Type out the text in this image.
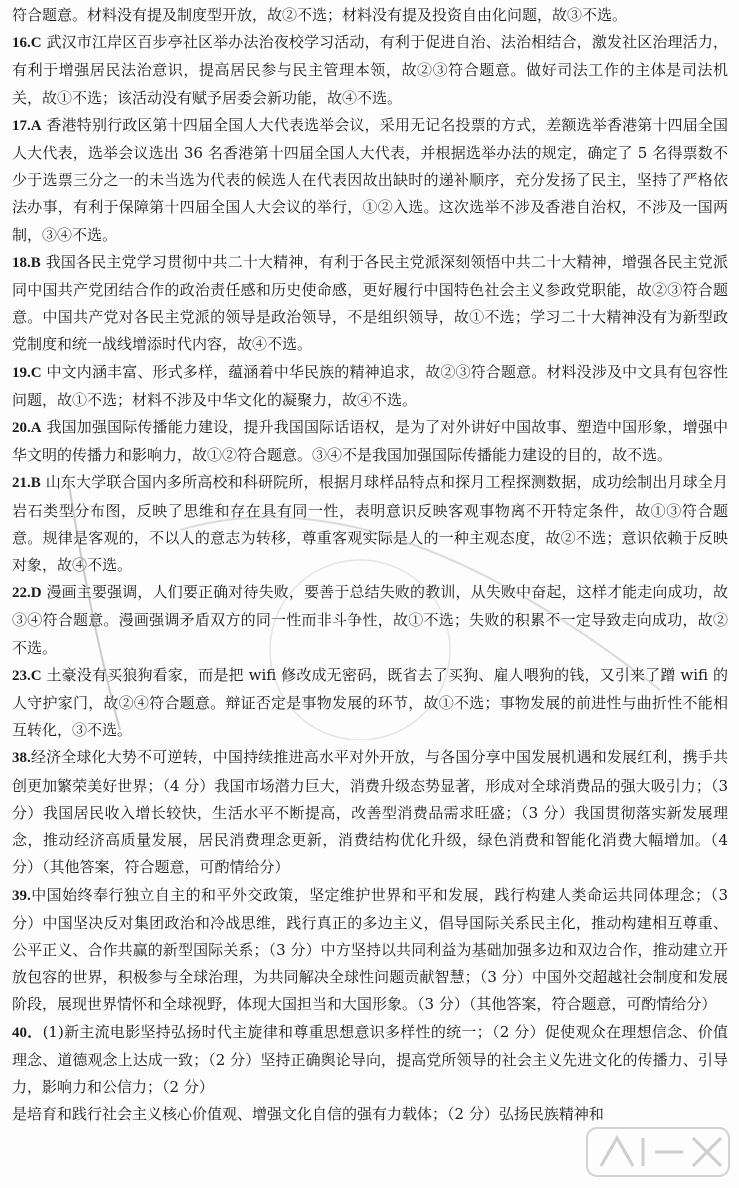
符合题意。材料没有提及制度型开放，故②不选；材料没有提及投资自由化问题，故③不选。

16.C 武汉市江岸区百步亭社区举办法治夜校学习活动，有利于促进自治、法治相结合，激发社区治理活力，有利于增强居民法治意识，提高居民参与民主管理本领，故②③符合题意。做好司法工作的主体是司法机关，故①不选；该活动没有赋予居委会新功能，故④不选。

17.A 香港特别行政区第十四届全国人大代表选举会议，采用无记名投票的方式，差额选举香港第十四届全国人大代表，选举会议选出 36 名香港第十四届全国人大代表，并根据选举办法的规定，确定了 5 名得票数不少于选票三分之一的未当选为代表的候选人在代表因故出缺时的递补顺序，充分发扬了民主，坚持了严格依法办事，有利于保障第十四届全国人大会议的举行，①②入选。这次选举不涉及香港自治权，不涉及一国两制，③④不选。

18.B 我国各民主党学习贯彻中共二十大精神，有利于各民主党派深刻领悟中共二十大精神，增强各民主党派同中国共产党团结合作的政治责任感和历史使命感，更好履行中国特色社会主义参政党职能，故②③符合题意。中国共产党对各民主党派的领导是政治领导，不是组织领导，故①不选；学习二十大精神没有为新型政党制度和统一战线增添时代内容，故④不选。

19.C 中文内涵丰富、形式多样，蕴涵着中华民族的精神追求，故②③符合题意。材料没涉及中文具有包容性问题，故①不选；材料不涉及中华文化的凝聚力，故④不选。

20.A 我国加强国际传播能力建设，提升我国国际话语权，是为了对外讲好中国故事、塑造中国形象，增强中华文明的传播力和影响力，故①②符合题意。③④不是我国加强国际传播能力建设的目的，故不选。

21.B 山东大学联合国内多所高校和科研院所，根据月球样品特点和探月工程探测数据，成功绘制出月球全月岩石类型分布图，反映了思维和存在具有同一性，表明意识反映客观事物离不开特定条件，故①③符合题意。规律是客观的，不以人的意志为转移，尊重客观实际是人的一种主观态度，故②不选；意识依赖于反映对象，故④不选。

22.D 漫画主要强调，人们要正确对待失败，要善于总结失败的教训，从失败中奋起，这样才能走向成功，故③④符合题意。漫画强调矛盾双方的同一性而非斗争性，故①不选；失败的积累不一定导致走向成功，故②不选。

23.C 土豪没有买狼狗看家，而是把 wifi 修改成无密码，既省去了买狗、雇人喂狗的钱，又引来了蹭 wifi 的人守护家门，故②④符合题意。辩证否定是事物发展的环节，故①不选；事物发展的前进性与曲折性不能相互转化，③不选。

38.经济全球化大势不可逆转，中国持续推进高水平对外开放，与各国分享中国发展机遇和发展红利，携手共创更加繁荣美好世界；（4 分）我国市场潜力巨大，消费升级态势显著，形成对全球消费品的强大吸引力；（3 分）我国居民收入增长较快，生活水平不断提高，改善型消费品需求旺盛；（3 分）我国贯彻落实新发展理念，推动经济高质量发展，居民消费理念更新，消费结构优化升级，绿色消费和智能化消费大幅增加。（4 分）（其他答案，符合题意，可酌情给分）

39.中国始终奉行独立自主的和平外交政策，坚定维护世界和平和发展，践行构建人类命运共同体理念；（3 分）中国坚决反对集团政治和冷战思维，践行真正的多边主义，倡导国际关系民主化，推动构建相互尊重、公平正义、合作共赢的新型国际关系；（3 分）中方坚持以共同利益为基础加强多边和双边合作，推动建立开放包容的世界，积极参与全球治理，为共同解决全球性问题贡献智慧；（3 分）中国外交超越社会制度和发展阶段，展现世界情怀和全球视野，体现大国担当和大国形象。（3 分）（其他答案，符合题意，可酌情给分）

40．(1)新主流电影坚持弘扬时代主旋律和尊重思想意识多样性的统一；（2 分）促使观众在理想信念、价值理念、道德观念上达成一致；（2 分）坚持正确舆论导向，提高党所领导的社会主义先进文化的传播力、引导力，影响力和公信力；（2 分）

是培育和践行社会主义核心价值观、增强文化自信的强有力载体；（2 分）弘扬民族精神和
